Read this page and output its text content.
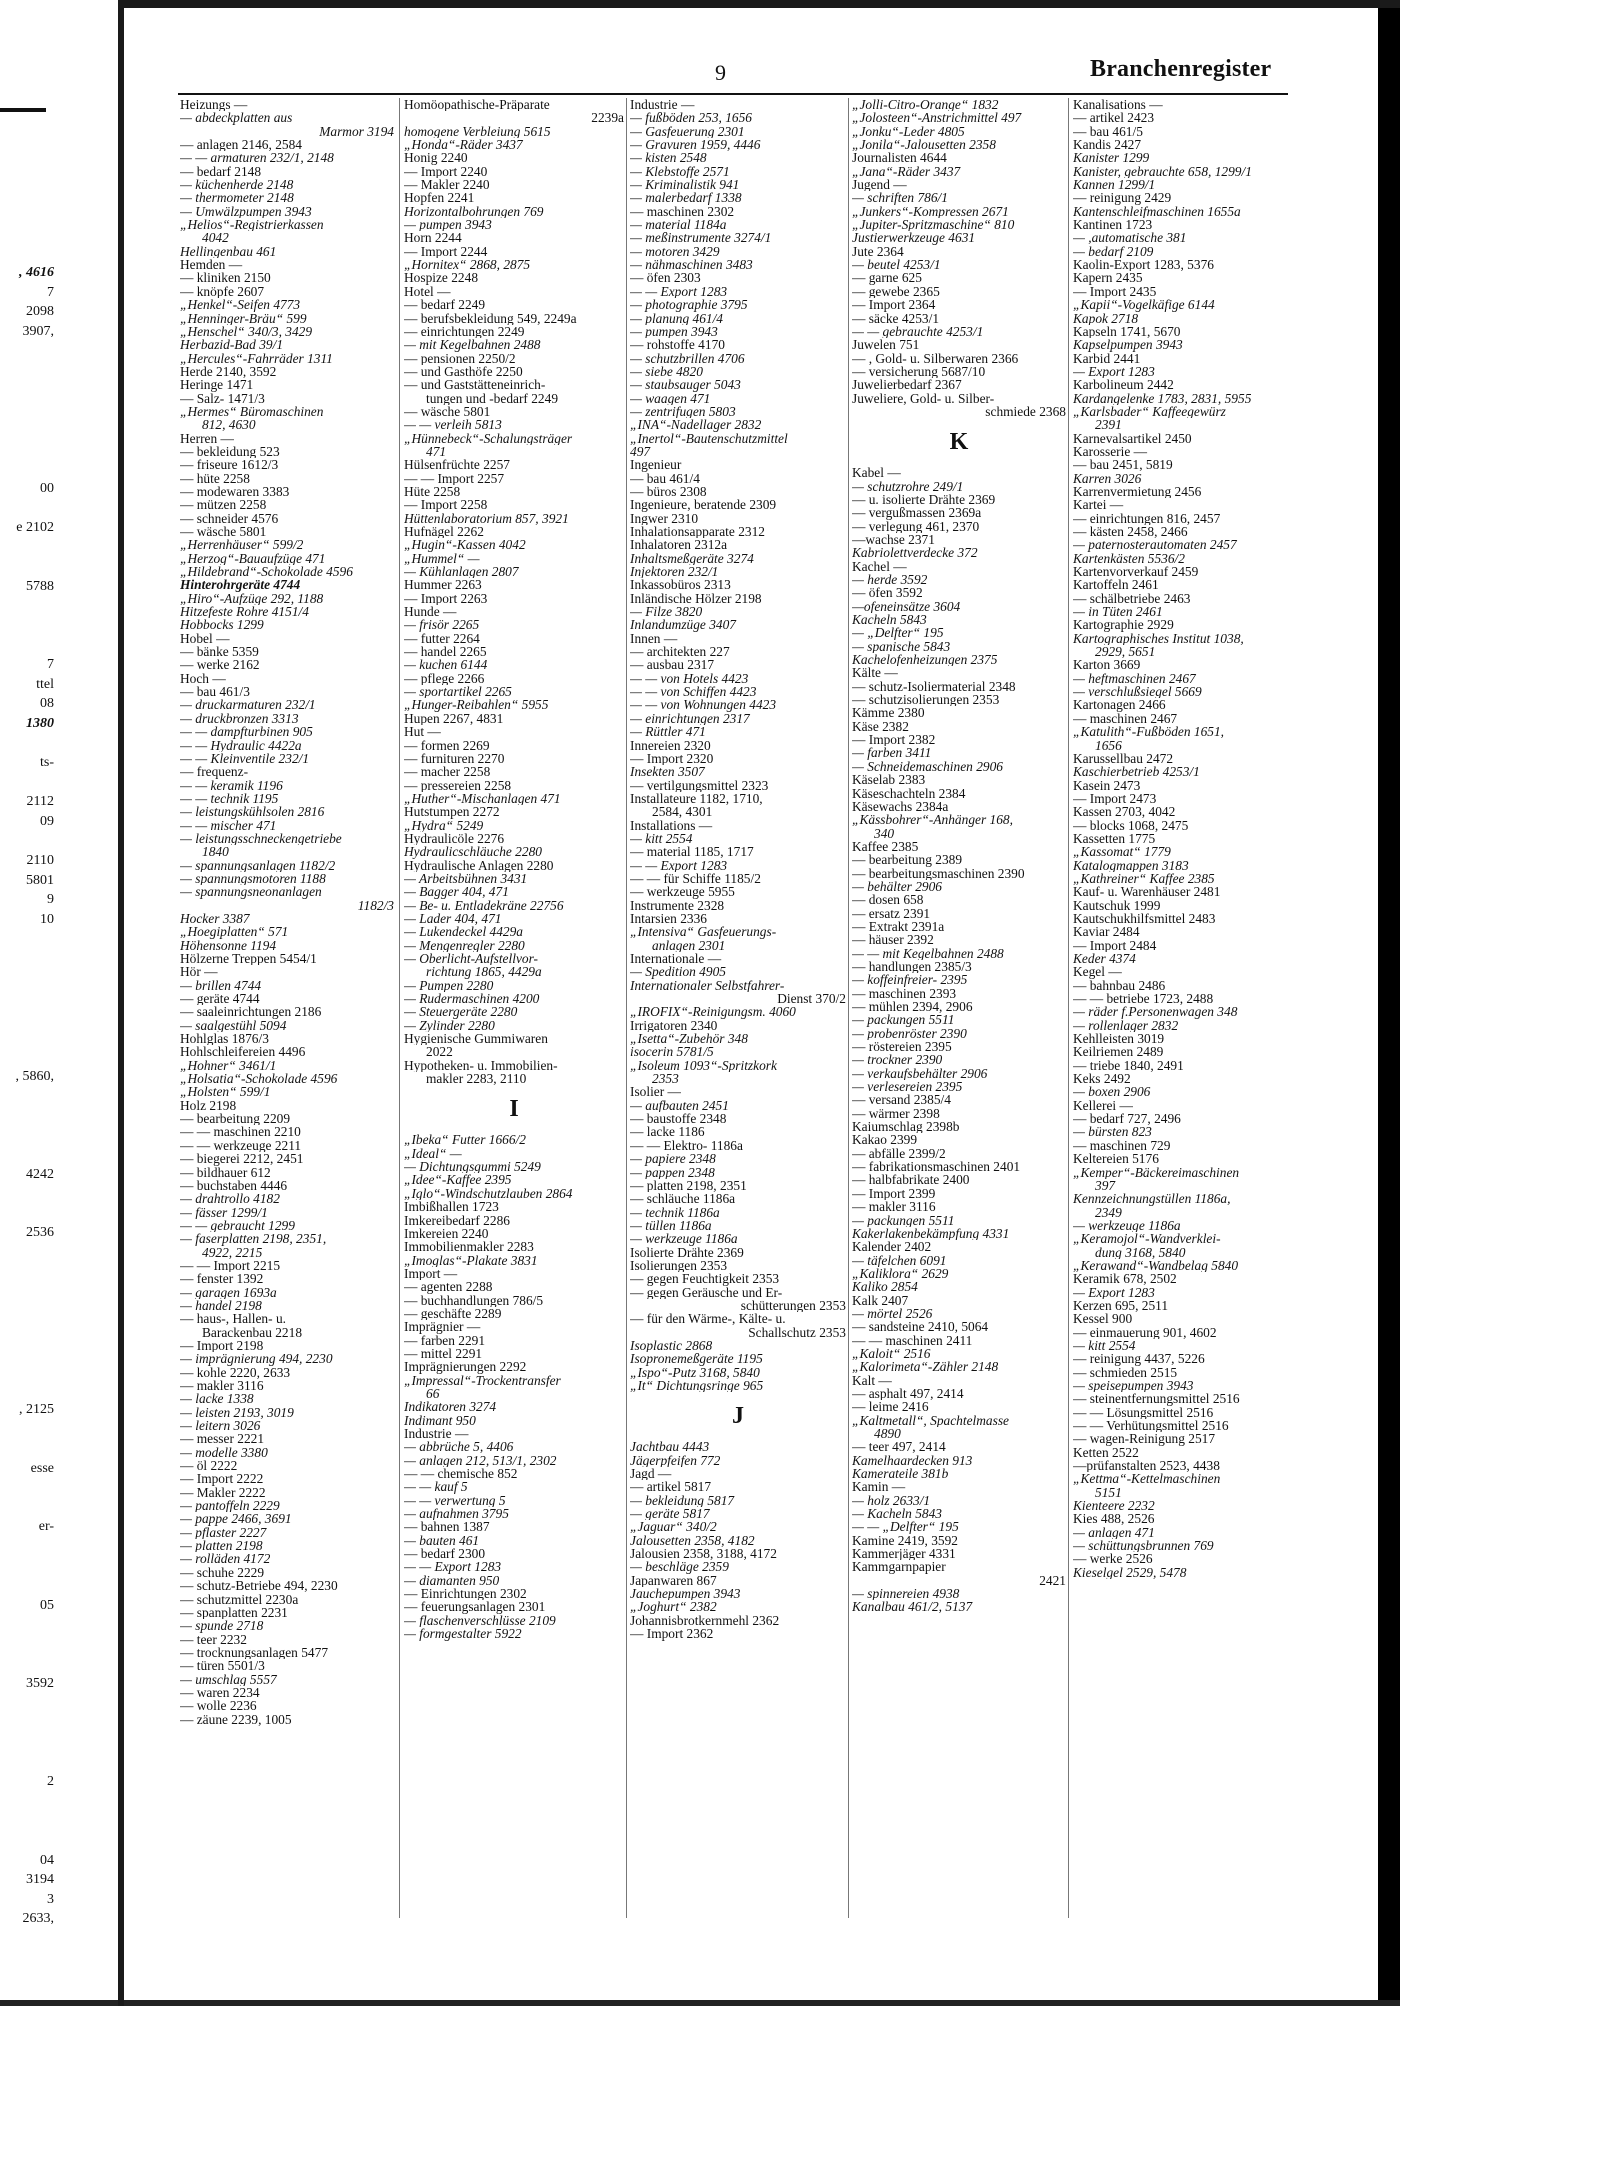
, 4616
7
2098
3907,
00
e 2102
5788
7
ttel
08
1380
ts-
2112
09
2110
5801
9
10
, 5860,
4242
2536
, 2125
esse
er-
05
3592
2
04
3194
3
2633,
9	Branchenregister
Heizungs —
— abdeckplatten aus
Marmor 3194
— anlagen 2146, 2584
— — armaturen 232/1, 2148
— bedarf 2148
— küchenherde 2148
— thermometer 2148
— Umwälzpumpen 3943
„Helios“-Registrierkassen
4042
Hellingenbau 461
Hemden —
— kliniken 2150
— knöpfe 2607
„Henkel“-Seifen 4773
„Henninger-Bräu“ 599
„Henschel“ 340/3, 3429
Herbazid-Bad 39/1
„Hercules“-Fahrräder 1311
Herde 2140, 3592
Heringe 1471
— Salz- 1471/3
„Hermes“ Büromaschinen
812, 4630
Herren —
— bekleidung 523
— friseure 1612/3
— hüte 2258
— modewaren 3383
— mützen 2258
— schneider 4576
— wäsche 5801
„Herrenhäuser“ 599/2
„Herzog“-Bauaufzüge 471
„Hildebrand“-Schokolade 4596
Hinterohrgeräte 4744
„Hiro“-Aufzüge 292, 1188
Hitzefeste Rohre 4151/4
Hobbocks 1299
Hobel —
— bänke 5359
— werke 2162
Hoch —
— bau 461/3
— druckarmaturen 232/1
— druckbronzen 3313
— — dampfturbinen 905
— — Hydraulic 4422a
— — Kleinventile 232/1
— frequenz-
— — keramik 1196
— — technik 1195
— leistungskühlsolen 2816
— — mischer 471
— leistungsschneckengetriebe
1840
— spannungsanlagen 1182/2
— spannungsmotoren 1188
— spannungsneonanlagen
1182/3
Hocker 3387
„Hoegiplatten“ 571
Höhensonne 1194
Hölzerne Treppen 5454/1
Hör —
— brillen 4744
— geräte 4744
— saaleinrichtungen 2186
— saalgestühl 5094
Hohlglas 1876/3
Hohlschleifereien 4496
„Hohner“ 3461/1
„Holsatia“-Schokolade 4596
„Holsten“ 599/1
Holz 2198
— bearbeitung 2209
— — maschinen 2210
— — werkzeuge 2211
— biegerei 2212, 2451
— bildhauer 612
— buchstaben 4446
— drahtrollo 4182
— fässer 1299/1
— — gebraucht 1299
— faserplatten 2198, 2351,
4922, 2215
— — Import 2215
— fenster 1392
— garagen 1693a
— handel 2198
— haus-, Hallen- u.
Barackenbau 2218
— Import 2198
— imprägnierung 494, 2230
— kohle 2220, 2633
— makler 3116
— lacke 1338
— leisten 2193, 3019
— leitern 3026
— messer 2221
— modelle 3380
— öl 2222
— Import 2222
— Makler 2222
— pantoffeln 2229
— pappe 2466, 3691
— pflaster 2227
— platten 2198
— rolläden 4172
— schuhe 2229
— schutz-Betriebe 494, 2230
— schutzmittel 2230a
— spanplatten 2231
— spunde 2718
— teer 2232
— trocknungsanlagen 5477
— türen 5501/3
— umschlag 5557
— waren 2234
— wolle 2236
— zäune 2239, 1005
Homöopathische-Präparate
2239a
homogene Verbleiung 5615
„Honda“-Räder 3437
Honig 2240
— Import 2240
— Makler 2240
Hopfen 2241
Horizontalbohrungen 769
— pumpen 3943
Horn 2244
— Import 2244
„Hornitex“ 2868, 2875
Hospize 2248
Hotel —
— bedarf 2249
— berufsbekleidung 549, 2249a
— einrichtungen 2249
— mit Kegelbahnen 2488
— pensionen 2250/2
— und Gasthöfe 2250
— und Gaststätteneinrich-
tungen und -bedarf 2249
— wäsche 5801
— — verleih 5813
„Hünnebeck“-Schalungsträger
471
Hülsenfrüchte 2257
— — Import 2257
Hüte 2258
— Import 2258
Hüttenlaboratorium 857, 3921
Hufnägel 2262
„Hugin“-Kassen 4042
„Hummel“ —
— Kühlanlagen 2807
Hummer 2263
— Import 2263
Hunde —
— frisör 2265
— futter 2264
— handel 2265
— kuchen 6144
— pflege 2266
— sportartikel 2265
„Hunger-Reibahlen“ 5955
Hupen 2267, 4831
Hut —
— formen 2269
— furnituren 2270
— macher 2258
— pressereien 2258
„Huther“-Mischanlagen 471
Hutstumpen 2272
„Hydra“ 5249
Hydraulicöle 2276
Hydraulicschläuche 2280
Hydraulische Anlagen 2280
— Arbeitsbühnen 3431
— Bagger 404, 471
— Be- u. Entladekräne 22756
— Lader 404, 471
— Lukendeckel 4429a
— Mengenregler 2280
— Oberlicht-Aufstellvor-
richtung 1865, 4429a
— Pumpen 2280
— Rudermaschinen 4200
— Steuergeräte 2280
— Zylinder 2280
Hygienische Gummiwaren
2022
Hypotheken- u. Immobilien-
makler 2283, 2110
I
„Ibeka“ Futter 1666/2
„Ideal“ —
— Dichtungsgummi 5249
„Idee“-Kaffee 2395
„Iglo“-Windschutzlauben 2864
Imbißhallen 1723
Imkereibedarf 2286
Imkereien 2240
Immobilienmakler 2283
„Imoglas“-Plakate 3831
Import —
— agenten 2288
— buchhandlungen 786/5
— geschäfte 2289
Imprägnier —
— farben 2291
— mittel 2291
Imprägnierungen 2292
„Impressal“-Trockentransfer
66
Indikatoren 3274
Indimant 950
Industrie —
— abbrüche 5, 4406
— anlagen 212, 513/1, 2302
— — chemische 852
— — kauf 5
— — verwertung 5
— aufnahmen 3795
— bahnen 1387
— bauten 461
— bedarf 2300
— — Export 1283
— diamanten 950
— Einrichtungen 2302
— feuerungsanlagen 2301
— flaschenverschlüsse 2109
— formgestalter 5922
Industrie —
— fußböden 253, 1656
— Gasfeuerung 2301
— Gravuren 1959, 4446
— kisten 2548
— Klebstoffe 2571
— Kriminalistik 941
— malerbedarf 1338
— maschinen 2302
— material 1184a
— meßinstrumente 3274/1
— motoren 3429
— nähmaschinen 3483
— öfen 2303
— — Export 1283
— photographie 3795
— planung 461/4
— pumpen 3943
— rohstoffe 4170
— schutzbrillen 4706
— siebe 4820
— staubsauger 5043
— waagen 471
— zentrifugen 5803
„INA“-Nadellager 2832
„Inertol“-Bautenschutzmittel
497
Ingenieur
— bau 461/4
— büros 2308
Ingenieure, beratende 2309
Ingwer 2310
Inhalationsapparate 2312
Inhalatoren 2312a
Inhaltsmeßgeräte 3274
Injektoren 232/1
Inkassobüros 2313
Inländische Hölzer 2198
— Filze 3820
Inlandumzüge 3407
Innen —
— architekten 227
— ausbau 2317
— — von Hotels 4423
— — von Schiffen 4423
— — von Wohnungen 4423
— einrichtungen 2317
— Rüttler 471
Innereien 2320
— Import 2320
Insekten 3507
— vertilgungsmittel 2323
Installateure 1182, 1710,
2584, 4301
Installations —
— kitt 2554
— material 1185, 1717
— — Export 1283
— — für Schiffe 1185/2
— werkzeuge 5955
Instrumente 2328
Intarsien 2336
„Intensiva“ Gasfeuerungs-
anlagen 2301
Internationale —
— Spedition 4905
Internationaler Selbstfahrer-
Dienst 370/2
„IROFIX“-Reinigungsm. 4060
Irrigatoren 2340
„Isetta“-Zubehör 348
isocerin 5781/5
„Isoleum 1093“-Spritzkork
2353
Isolier —
— aufbauten 2451
— baustoffe 2348
— lacke 1186
— — Elektro- 1186a
— papiere 2348
— pappen 2348
— platten 2198, 2351
— schläuche 1186a
— technik 1186a
— tüllen 1186a
— werkzeuge 1186a
Isolierte Drähte 2369
Isolierungen 2353
— gegen Feuchtigkeit 2353
— gegen Geräusche und Er-
schütterungen 2353
— für den Wärme-, Kälte- u.
Schallschutz 2353
Isoplastic 2868
Isopronemeßgeräte 1195
„Ispo“-Putz 3168, 5840
„It“ Dichtungsringe 965
J
Jachtbau 4443
Jägerpfeifen 772
Jagd —
— artikel 5817
— bekleidung 5817
— geräte 5817
„Jaguar“ 340/2
Jalousetten 2358, 4182
Jalousien 2358, 3188, 4172
— beschläge 2359
Japanwaren 867
Jauchepumpen 3943
„Joghurt“ 2382
Johannisbrotkernmehl 2362
— Import 2362
„Jolli-Citro-Orange“ 1832
„Jolosteen“-Anstrichmittel 497
„Jonku“-Leder 4805
„Jonila“-Jalousetten 2358
Journalisten 4644
„Jana“-Räder 3437
Jugend —
— schriften 786/1
„Junkers“-Kompressen 2671
„Jupiter-Spritzmaschine“ 810
Justierwerkzeuge 4631
Jute 2364
— beutel 4253/1
— garne 625
— gewebe 2365
— Import 2364
— säcke 4253/1
— — gebrauchte 4253/1
Juwelen 751
— , Gold- u. Silberwaren 2366
— versicherung 5687/10
Juwelierbedarf 2367
Juweliere, Gold- u. Silber-
schmiede 2368
K
Kabel —
— schutzrohre 249/1
— u. isolierte Drähte 2369
— vergußmassen 2369a
— verlegung 461, 2370
—wachse 2371
Kabriolettverdecke 372
Kachel —
— herde 3592
— öfen 3592
—ofeneinsätze 3604
Kacheln 5843
— „Delfter“ 195
— spanische 5843
Kachelofenheizungen 2375
Kälte —
— schutz-Isoliermaterial 2348
— schutzisolierungen 2353
Kämme 2380
Käse 2382
— Import 2382
— farben 3411
— Schneidemaschinen 2906
Käselab 2383
Käseschachteln 2384
Käsewachs 2384a
„Kässbohrer“-Anhänger 168,
340
Kaffee 2385
— bearbeitung 2389
— bearbeitungsmaschinen 2390
— behälter 2906
— dosen 658
— ersatz 2391
— Extrakt 2391a
— häuser 2392
— — mit Kegelbahnen 2488
— handlungen 2385/3
— koffeinfreier- 2395
— maschinen 2393
— mühlen 2394, 2906
— packungen 5511
— probenröster 2390
— röstereien 2395
— trockner 2390
— verkaufsbehälter 2906
— verlesereien 2395
— versand 2385/4
— wärmer 2398
Kaiumschlag 2398b
Kakao 2399
— abfälle 2399/2
— fabrikationsmaschinen 2401
— halbfabrikate 2400
— Import 2399
— makler 3116
— packungen 5511
Kakerlakenbekämpfung 4331
Kalender 2402
— täfelchen 6091
„Kaliklora“ 2629
Kaliko 2854
Kalk 2407
— mörtel 2526
— sandsteine 2410, 5064
— — maschinen 2411
„Kaloit“ 2516
„Kalorimeta“-Zähler 2148
Kalt —
— asphalt 497, 2414
— leime 2416
„Kaltmetall“, Spachtelmasse
4890
— teer 497, 2414
Kamelhaardecken 913
Kamerateile 381b
Kamin —
— holz 2633/1
— Kacheln 5843
— — „Delfter“ 195
Kamine 2419, 3592
Kammerjäger 4331
Kammgarnpapier
2421
— spinnereien 4938
Kanalbau 461/2, 5137
Kanalisations —
— artikel 2423
— bau 461/5
Kandis 2427
Kanister 1299
Kanister, gebrauchte 658, 1299/1
Kannen 1299/1
— reinigung 2429
Kantenschleifmaschinen 1655a
Kantinen 1723
— ,automatische 381
— bedarf 2109
Kaolin-Export 1283, 5376
Kapern 2435
— Import 2435
„Kapii“-Vogelkäfige 6144
Kapok 2718
Kapseln 1741, 5670
Kapselpumpen 3943
Karbid 2441
— Export 1283
Karbolineum 2442
Kardangelenke 1783, 2831, 5955
„Karlsbader“ Kaffeegewürz
2391
Karnevalsartikel 2450
Karosserie —
— bau 2451, 5819
Karren 3026
Karrenvermietung 2456
Kartei —
— einrichtungen 816, 2457
— kästen 2458, 2466
— paternosterautomaten 2457
Kartenkästen 5536/2
Kartenvorverkauf 2459
Kartoffeln 2461
— schälbetriebe 2463
— in Tüten 2461
Kartographie 2929
Kartographisches Institut 1038,
2929, 5651
Karton 3669
— heftmaschinen 2467
— verschlußsiegel 5669
Kartonagen 2466
— maschinen 2467
„Katulith“-Fußböden 1651,
1656
Karussellbau 2472
Kaschierbetrieb 4253/1
Kasein 2473
— Import 2473
Kassen 2703, 4042
— blocks 1068, 2475
Kassetten 1775
„Kassomat“ 1779
Katalogmappen 3183
„Kathreiner“ Kaffee 2385
Kauf- u. Warenhäuser 2481
Kautschuk 1999
Kautschukhilfsmittel 2483
Kaviar 2484
— Import 2484
Keder 4374
Kegel —
— bahnbau 2486
— — betriebe 1723, 2488
— räder f.Personenwagen 348
— rollenlager 2832
Kehlleisten 3019
Keilriemen 2489
— triebe 1840, 2491
Keks 2492
— boxen 2906
Kellerei —
— bedarf 727, 2496
— bürsten 823
— maschinen 729
Keltereien 5176
„Kemper“-Bäckereimaschinen
397
Kennzeichnungstüllen 1186a,
2349
— werkzeuge 1186a
„Keramojol“-Wandverklei-
dung 3168, 5840
„Kerawand“-Wandbelag 5840
Keramik 678, 2502
— Export 1283
Kerzen 695, 2511
Kessel 900
— einmauerung 901, 4602
— kitt 2554
— reinigung 4437, 5226
— schmieden 2515
— speisepumpen 3943
— steinentfernungsmittel 2516
— — Lösungsmittel 2516
— — Verhütungsmittel 2516
— wagen-Reinigung 2517
Ketten 2522
—prüfanstalten 2523, 4438
„Kettma“-Kettelmaschinen
5151
Kienteere 2232
Kies 488, 2526
— anlagen 471
— schüttungsbrunnen 769
— werke 2526
Kieselgel 2529, 5478
